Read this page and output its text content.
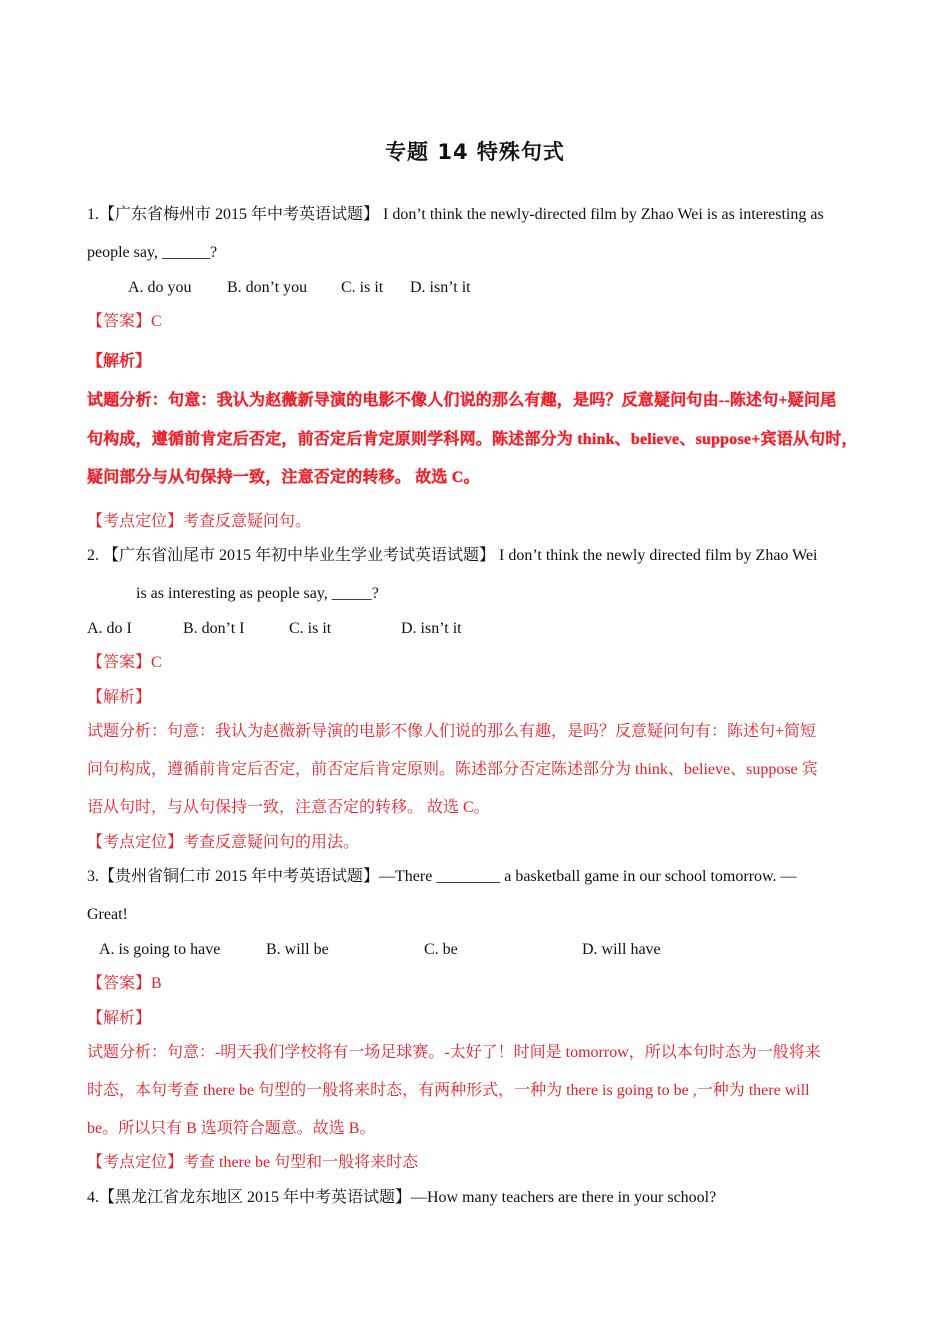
专题 14 特殊句式
1.【广东省梅州市 2015 年中考英语试题】 I don’t think the newly-directed film by Zhao Wei is as interesting as
people say, ______?
A. do you B. don’t you C. is it D. isn’t it
【答案】C
【解析】
试题分析：句意：我认为赵薇新导演的电影不像人们说的那么有趣，是吗？反意疑问句由--陈述句+疑问尾
句构成，遵循前肯定后否定，前否定后肯定原则学科网。陈述部分为 think、believe、suppose+宾语从句时，
疑问部分与从句保持一致，注意否定的转移。 故选 C。
【考点定位】考查反意疑问句。
2. 【广东省汕尾市 2015 年初中毕业生学业考试英语试题】 I don’t think the newly directed film by Zhao Wei
is as interesting as people say, _____?
A. do I	B. don’t I	C. is it	D. isn’t it
【答案】C
【解析】
试题分析：句意：我认为赵薇新导演的电影不像人们说的那么有趣，是吗？反意疑问句有：陈述句+简短
问句构成，遵循前肯定后否定，前否定后肯定原则。陈述部分否定陈述部分为 think、believe、suppose 宾
语从句时，与从句保持一致，注意否定的转移。 故选 C。
【考点定位】考查反意疑问句的用法。
3.【贵州省铜仁市 2015 年中考英语试题】—There ________ a basketball game in our school tomorrow. —
Great!
A. is going to have	B. will be	C. be	D. will have
【答案】B
【解析】
试题分析：句意：-明天我们学校将有一场足球赛。-太好了！时间是 tomorrow，所以本句时态为一般将来
时态，本句考查 there be 句型的一般将来时态，有两种形式，一种为 there is going to be ,一种为 there will
be。所以只有 B 选项符合题意。故选 B。
【考点定位】考查 there be 句型和一般将来时态
4.【黑龙江省龙东地区 2015 年中考英语试题】—How many teachers are there in your school?
